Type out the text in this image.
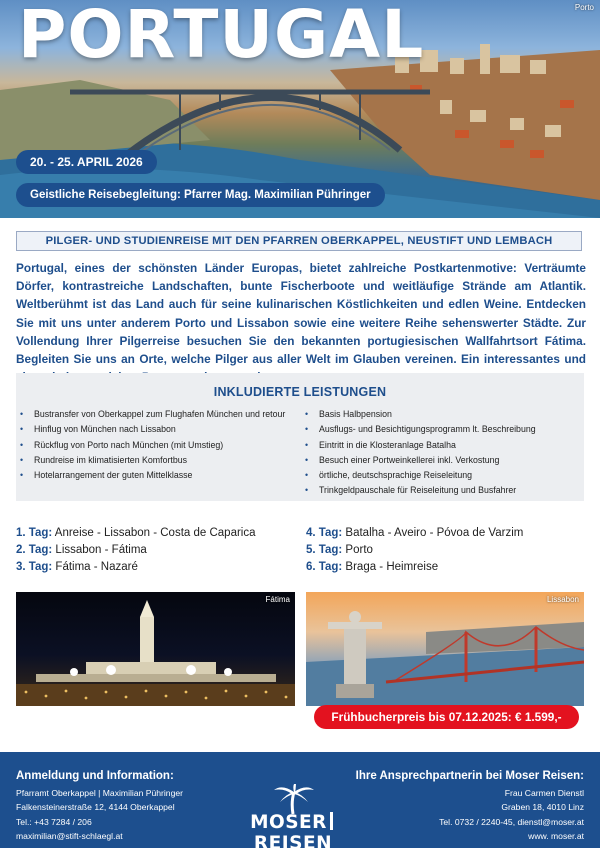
PORTUGAL	Porto
20. - 25. APRIL 2026
Geistliche Reisebegleitung: Pfarrer Mag. Maximilian Pühringer
PILGER- UND STUDIENREISE MIT DEN PFARREN OBERKAPPEL, NEUSTIFT UND LEMBACH
Portugal, eines der schönsten Länder Europas, bietet zahlreiche Postkartenmotive: Verträumte Dörfer, kontrastreiche Landschaften, bunte Fischerboote und weitläufige Strände am Atlantik. Weltberühmt ist das Land auch für seine kulinarischen Köstlichkeiten und edlen Weine. Entdecken Sie mit uns unter anderem Porto und Lissabon sowie eine weitere Reihe sehenswerter Städte. Zur Vollendung Ihrer Pilgerreise besuchen Sie den bekannten portugiesischen Wallfahrtsort Fátima. Begleiten Sie uns an Orte, welche Pilger aus aller Welt im Glauben vereinen. Ein interessantes und
INKLUDIERTE LEISTUNGEN
• Bustransfer von Oberkappel zum Flughafen München und retour
• Hinflug von München nach Lissabon
• Rückflug von Porto nach München (mit Umstieg)
• Rundreise im klimatisierten Komfortbus
• Hotelarrangement der guten Mittelklasse
• Basis Halbpension
• Ausflugs- und Besichtigungsprogramm lt. Beschreibung
• Eintritt in die Klosteranlage Batalha
• Besuch einer Portweinkellerei inkl. Verkostung
• örtliche, deutschsprachige Reiseleitung
• Trinkgeldpauschale für Reiseleitung und Busfahrer
1. Tag: Anreise - Lissabon - Costa de Caparica
2. Tag: Lissabon - Fátima
3. Tag: Fátima - Nazaré
4. Tag: Batalha - Aveiro - Póvoa de Varzim
5. Tag: Porto
6. Tag: Braga - Heimreise
Fátima	Lissabon
Frühbucherpreis bis 07.12.2025: € 1.599,-
Anmeldung und Information:
Pfarramt Oberkappel | Maximilian Pühringer
Falkensteinerstraße 12, 4144 Oberkappel
Tel.: +43 7284 / 206
maximilian@stift-schlaegl.at
Ihre Ansprechpartnerin bei Moser Reisen:
Frau Carmen Dienstl
Graben 18, 4010 Linz
Tel. 0732 / 2240-45, dienstl@moser.at
www. moser.at
MOSERREISEN
